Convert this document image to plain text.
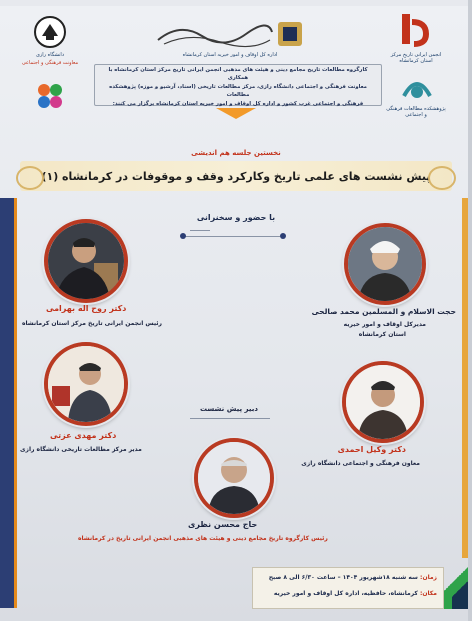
دانشگاه رازی
معاونت فرهنگی و اجتماعی
اداره کل اوقاف و امور خیریه استان کرمانشاه	انجمن ایرانی تاریخ مرکز استان کرمانشاه
پژوهشکده مطالعات فرهنگی و اجتماعی

کارگروه مطالعات تاریخ مجامع دینی و هیئت های مذهبی انجمن ایرانی تاریخ مرکز استان کرمانشاه با همکاری

معاونت فرهنگی و اجتماعی دانشگاه رازی، مرکز مطالعات تاریخی (اسناد، آرشیو و موزه) پژوهشکده مطالعات

فرهنگی و اجتماعی غرب کشور و اداره کل اوقاف و امور خیریه استان کرمانشاه برگزار می کنند:

نخستین جلسه هم اندیشی
پیش نشست های علمی تاریخ وکارکرد وقف و موقوفات در کرمانشاه (۱)
با حضور و سخنرانی
حجت الاسلام و المسلمین محمد صالحی
مدیرکل اوقاف و امور خیریه
استان کرمانشاه
دکتر روح اله بهرامی
رئیس انجمن ایرانی تاریخ مرکز استان کرمانشاه
دکتر مهدی عزتی
مدیر مرکز مطالعات تاریخی دانشگاه رازی	دکتر وکیل احمدی
معاون فرهنگی و اجتماعی دانشگاه رازی
دبیر پیش نشست
حاج محسن نظری
رئیس کارگروه تاریخ مجامع دینی و هیئت های مذهبی انجمن ایرانی تاریخ در کرمانشاه
زمان: سه شنبه ۱۸شهریور ۱۴۰۴ – ساعت ۶/۳۰ الی ۸ صبح
مکان: کرمانشاه، حافظیه، اداره کل اوقاف و امور خیریه
